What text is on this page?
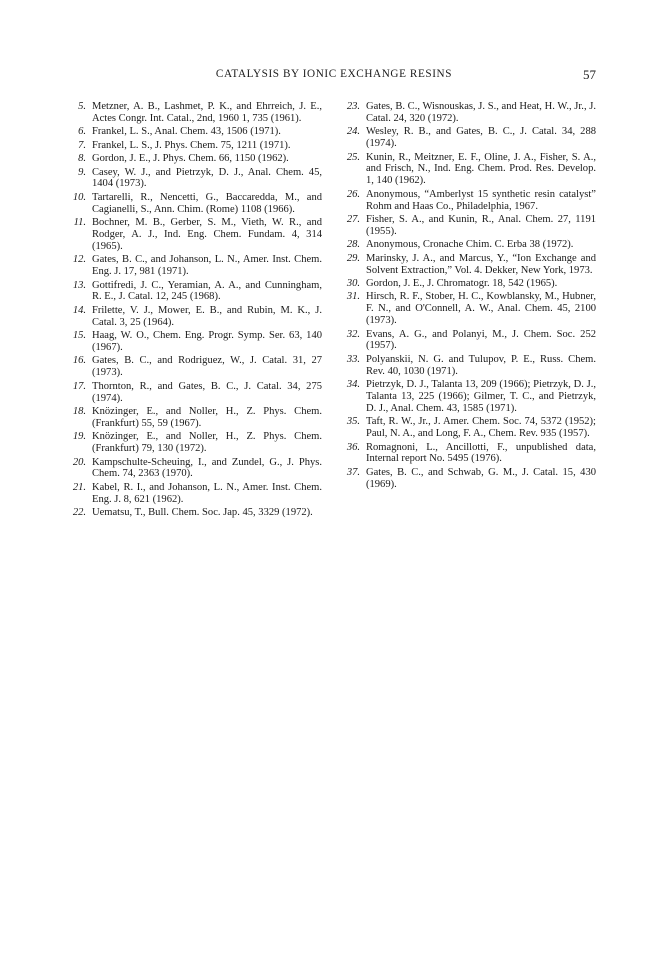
CATALYSIS BY IONIC EXCHANGE RESINS	57

5. Metzner, A. B., Lashmet, P. K., and Ehrreich, J. E., Actes Congr. Int. Catal., 2nd, 1960 1, 735 (1961).

6. Frankel, L. S., Anal. Chem. 43, 1506 (1971).

7. Frankel, L. S., J. Phys. Chem. 75, 1211 (1971).

8. Gordon, J. E., J. Phys. Chem. 66, 1150 (1962).

9. Casey, W. J., and Pietrzyk, D. J., Anal. Chem. 45, 1404 (1973).

10. Tartarelli, R., Nencetti, G., Baccaredda, M., and Cagianelli, S., Ann. Chim. (Rome) 1108 (1966).

11. Bochner, M. B., Gerber, S. M., Vieth, W. R., and Rodger, A. J., Ind. Eng. Chem. Fundam. 4, 314 (1965).

12. Gates, B. C., and Johanson, L. N., Amer. Inst. Chem. Eng. J. 17, 981 (1971).

13. Gottifredi, J. C., Yeramian, A. A., and Cunningham, R. E., J. Catal. 12, 245 (1968).

14. Frilette, V. J., Mower, E. B., and Rubin, M. K., J. Catal. 3, 25 (1964).

15. Haag, W. O., Chem. Eng. Progr. Symp. Ser. 63, 140 (1967).

16. Gates, B. C., and Rodriguez, W., J. Catal. 31, 27 (1973).

17. Thornton, R., and Gates, B. C., J. Catal. 34, 275 (1974).

18. Knözinger, E., and Noller, H., Z. Phys. Chem. (Frankfurt) 55, 59 (1967).

19. Knözinger, E., and Noller, H., Z. Phys. Chem. (Frankfurt) 79, 130 (1972).

20. Kampschulte-Scheuing, I., and Zundel, G., J. Phys. Chem. 74, 2363 (1970).

21. Kabel, R. I., and Johanson, L. N., Amer. Inst. Chem. Eng. J. 8, 621 (1962).

22. Uematsu, T., Bull. Chem. Soc. Jap. 45, 3329 (1972).

23. Gates, B. C., Wisnouskas, J. S., and Heat, H. W., Jr., J. Catal. 24, 320 (1972).

24. Wesley, R. B., and Gates, B. C., J. Catal. 34, 288 (1974).

25. Kunin, R., Meitzner, E. F., Oline, J. A., Fisher, S. A., and Frisch, N., Ind. Eng. Chem. Prod. Res. Develop. 1, 140 (1962).

26. Anonymous, “Amberlyst 15 synthetic resin catalyst” Rohm and Haas Co., Philadelphia, 1967.

27. Fisher, S. A., and Kunin, R., Anal. Chem. 27, 1191 (1955).

28. Anonymous, Cronache Chim. C. Erba 38 (1972).

29. Marinsky, J. A., and Marcus, Y., “Ion Exchange and Solvent Extraction,” Vol. 4. Dekker, New York, 1973.

30. Gordon, J. E., J. Chromatogr. 18, 542 (1965).

31. Hirsch, R. F., Stober, H. C., Kowblansky, M., Hubner, F. N., and O'Connell, A. W., Anal. Chem. 45, 2100 (1973).

32. Evans, A. G., and Polanyi, M., J. Chem. Soc. 252 (1957).

33. Polyanskii, N. G. and Tulupov, P. E., Russ. Chem. Rev. 40, 1030 (1971).

34. Pietrzyk, D. J., Talanta 13, 209 (1966); Pietrzyk, D. J., Talanta 13, 225 (1966); Gilmer, T. C., and Pietrzyk, D. J., Anal. Chem. 43, 1585 (1971).

35. Taft, R. W., Jr., J. Amer. Chem. Soc. 74, 5372 (1952); Paul, N. A., and Long, F. A., Chem. Rev. 935 (1957).

36. Romagnoni, L., Ancillotti, F., unpublished data, Internal report No. 5495 (1976).

37. Gates, B. C., and Schwab, G. M., J. Catal. 15, 430 (1969).
